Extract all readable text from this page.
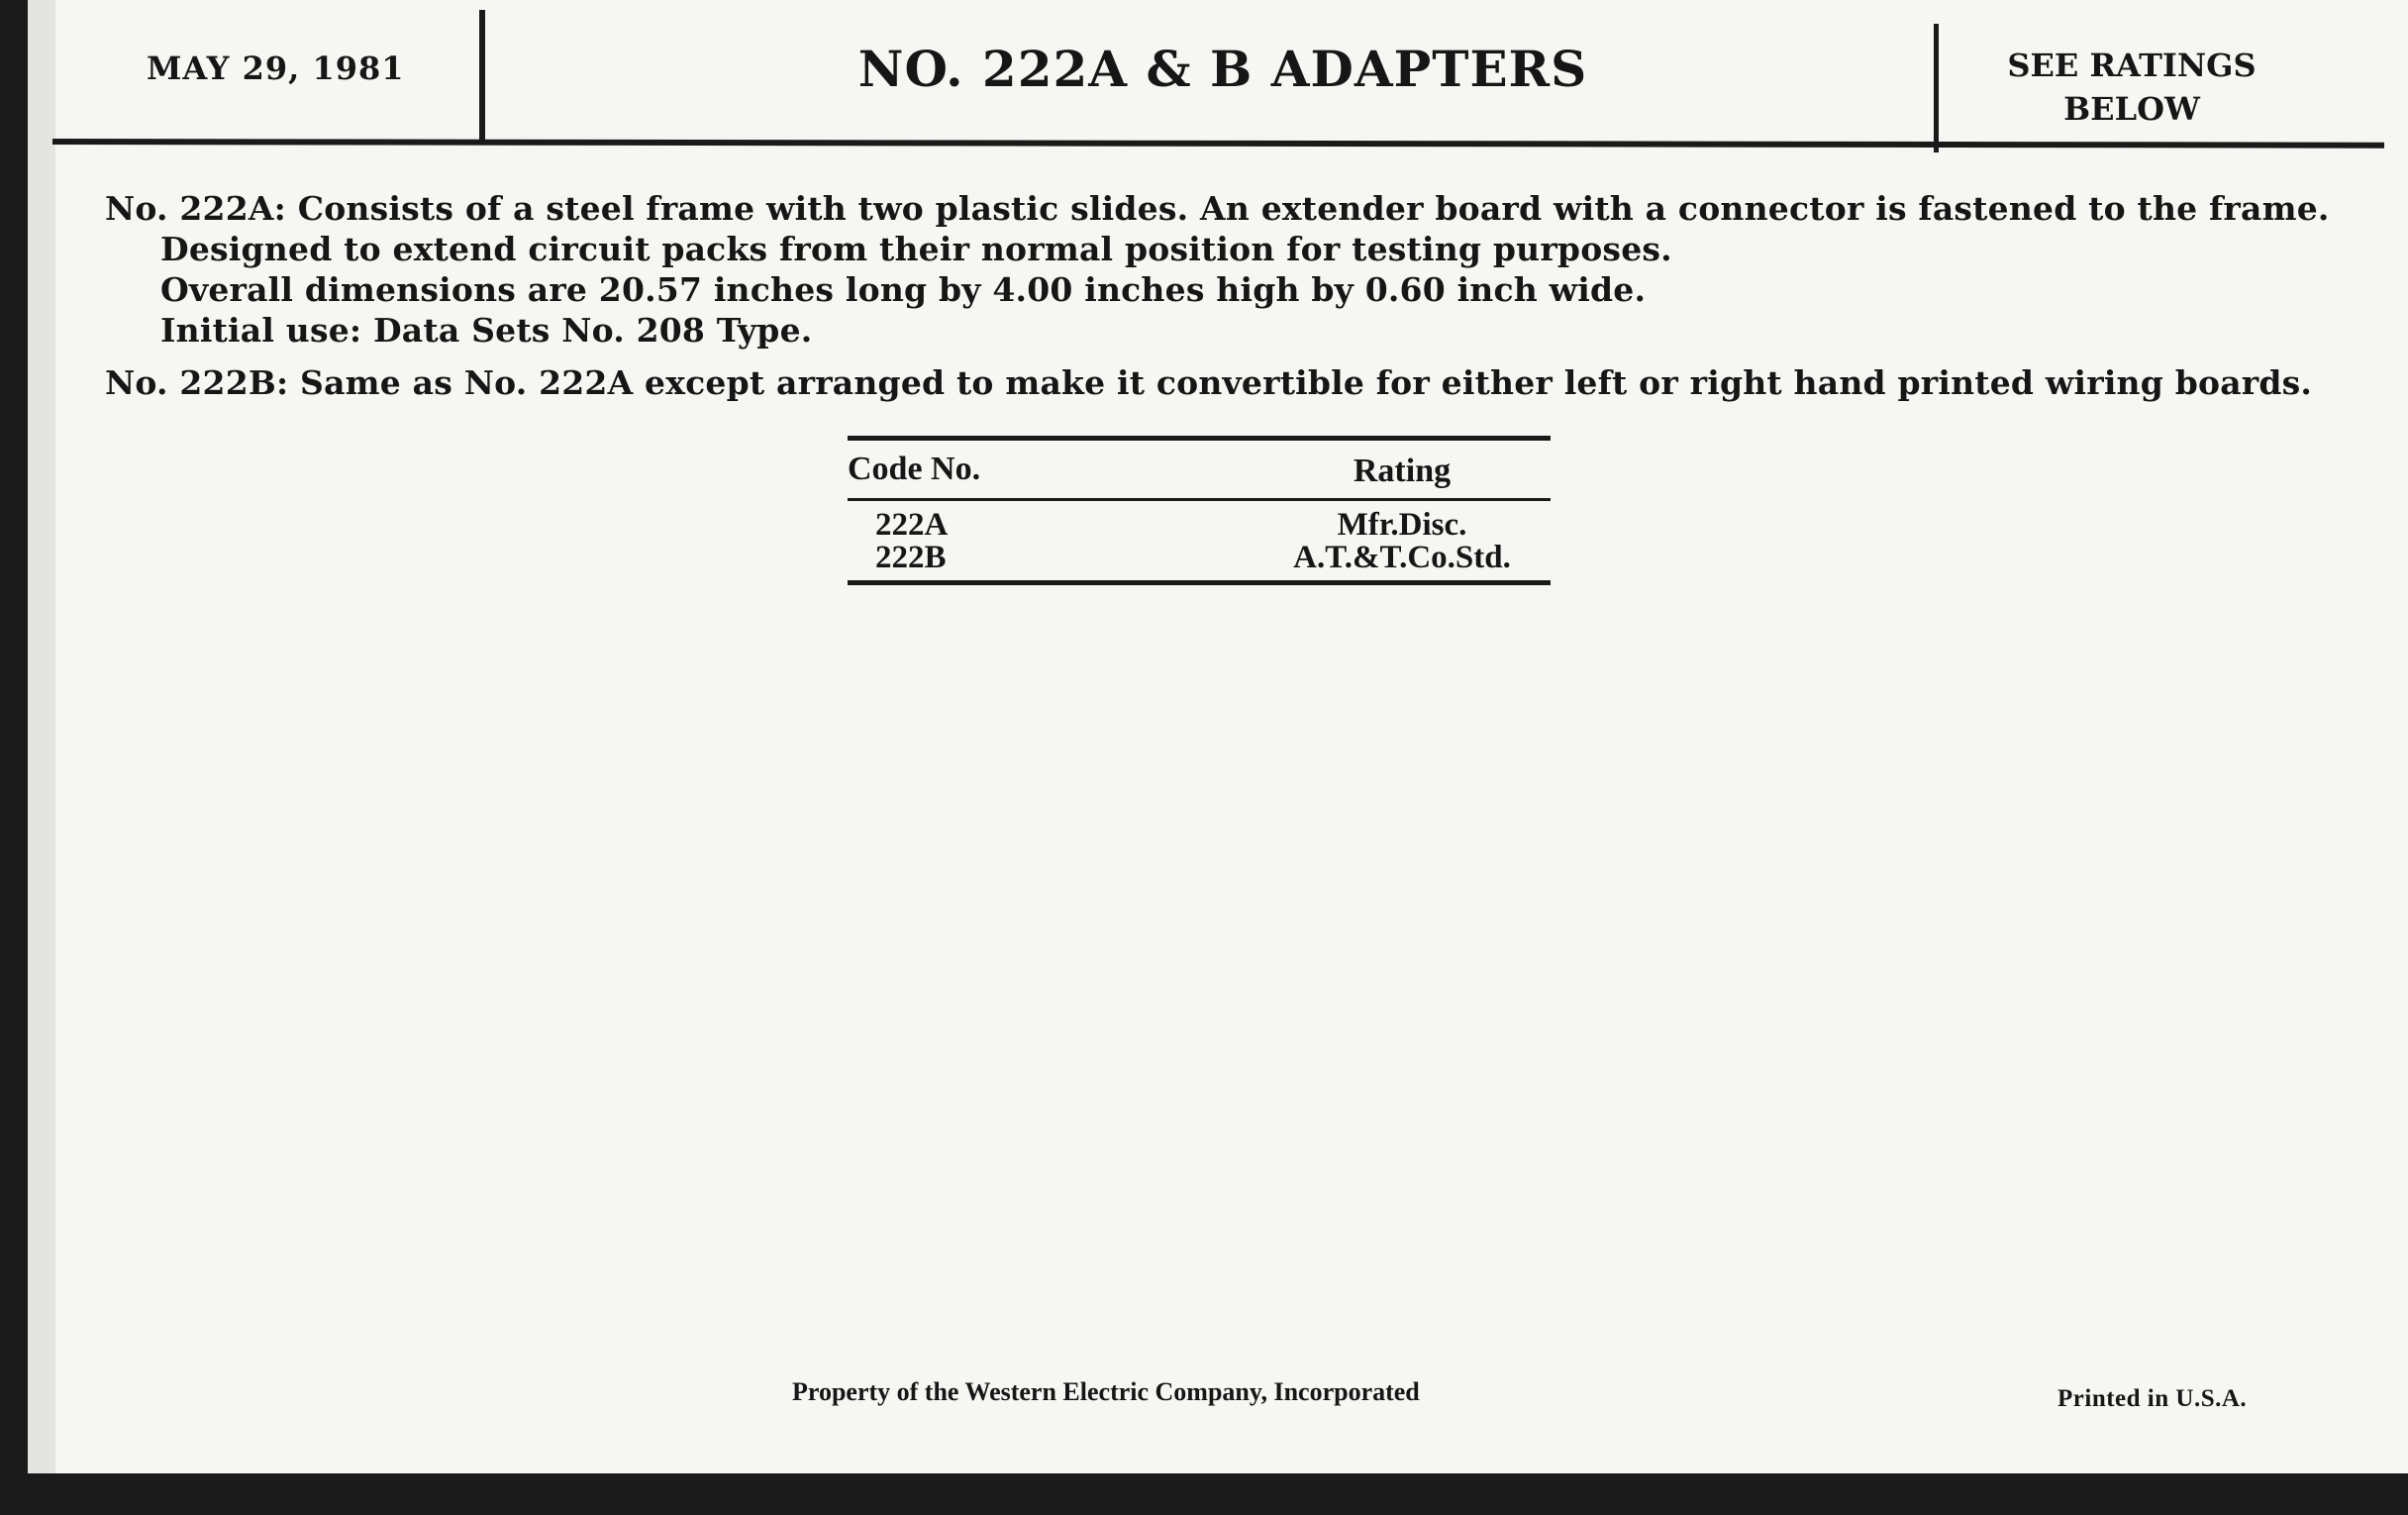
MAY 29, 1981	NO. 222A & B ADAPTERS	SEE RATINGS
BELOW

No. 222A: Consists of a steel frame with two plastic slides. An extender board with a connector is fastened to the frame.

Designed to extend circuit packs from their normal position for testing purposes.

Overall dimensions are 20.57 inches long by 4.00 inches high by 0.60 inch wide.

Initial use: Data Sets No. 208 Type.

No. 222B: Same as No. 222A except arranged to make it convertible for either left or right hand printed wiring boards.

Code No.	Rating
222A	Mfr.Disc.
222B	A.T.&T.Co.Std.
Property of the Western Electric Company, Incorporated	Printed in U.S.A.
